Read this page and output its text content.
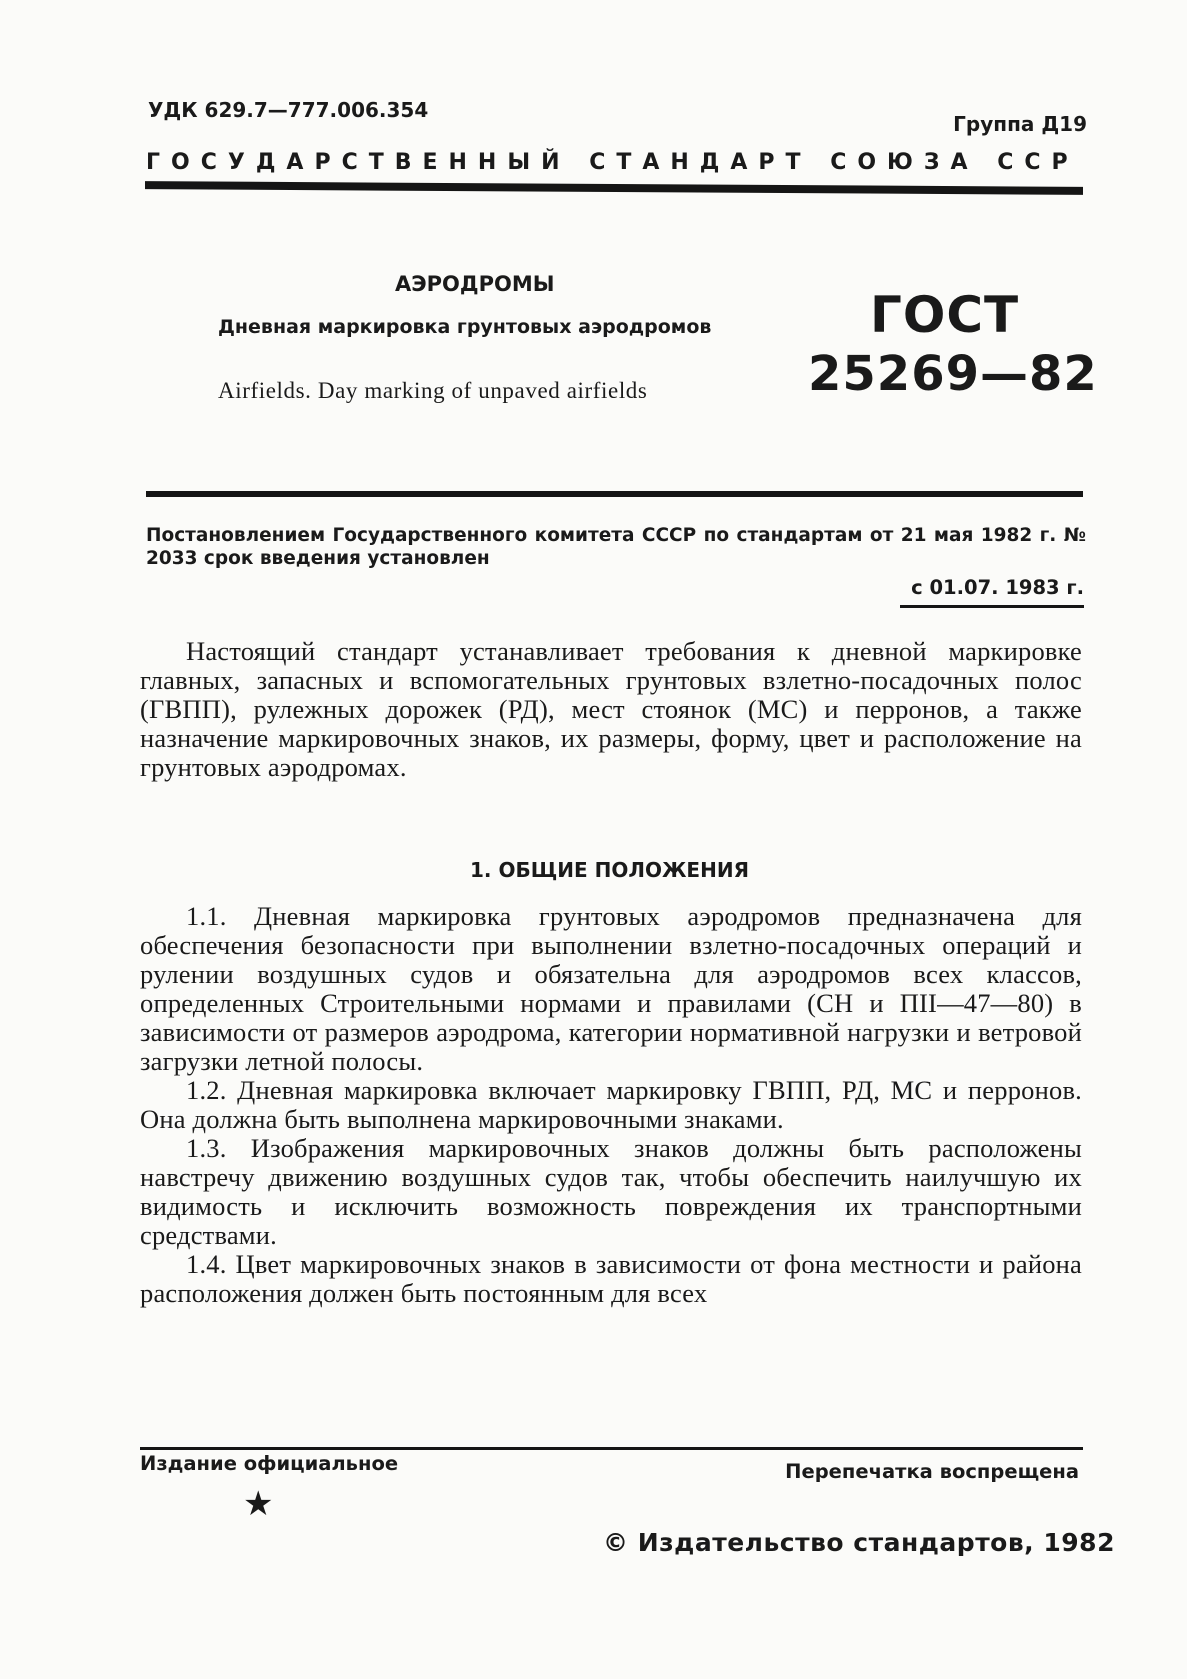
УДК 629.7—777.006.354
Группа Д19
ГОСУДАРСТВЕННЫЙ СТАНДАРТ СОЮЗА ССР
АЭРОДРОМЫ
Дневная маркировка грунтовых аэродромов
Airfields. Day marking of unpaved airfields
ГОСТ
25269—82
Постановлением Государственного комитета СССР по стандартам от 21 мая 1982 г. № 2033 срок введения установлен
с 01.07. 1983 г.

Настоящий стандарт устанавливает требования к дневной маркировке главных, запасных и вспомогательных грунтовых взлетно-посадочных полос (ГВПП), рулежных дорожек (РД), мест стоянок (МС) и перронов, а также назначение маркировочных знаков, их размеры, форму, цвет и расположение на грунтовых аэродромах.

1. ОБЩИЕ ПОЛОЖЕНИЯ

1.1. Дневная маркировка грунтовых аэродромов предназначена для обеспечения безопасности при выполнении взлетно-посадочных операций и рулении воздушных судов и обязательна для аэродромов всех классов, определенных Строительными нормами и правилами (СН и ПII—47—80) в зависимости от размеров аэродрома, категории нормативной нагрузки и ветровой загрузки летной полосы.

1.2. Дневная маркировка включает маркировку ГВПП, РД, МС и перронов. Она должна быть выполнена маркировочными знаками.

1.3. Изображения маркировочных знаков должны быть расположены навстречу движению воздушных судов так, чтобы обеспечить наилучшую их видимость и исключить возможность повреждения их транспортными средствами.

1.4. Цвет маркировочных знаков в зависимости от фона местности и района расположения должен быть постоянным для всех

Издание официальное	Перепечатка воспрещена
★
© Издательство стандартов, 1982
